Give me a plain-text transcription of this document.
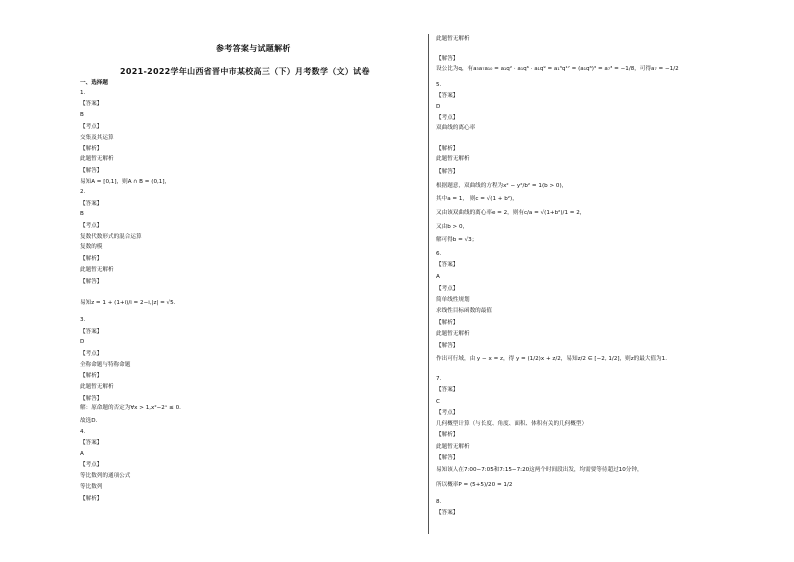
参考答案与试题解析
2021-2022学年山西省晋中市某校高三（下）月考数学（文）试卷
一、选择题
1.
【答案】
B
【考点】
交集及其运算
【解析】
此题暂无解析
【解答】
易知A = [0,1]，则A ∩ B = (0,1]，
2.
【答案】
B
【考点】
复数代数形式的混合运算
复数的模
【解析】
此题暂无解析
【解答】
易知z = 1 + (1+i)/i = 2−i,|z| = √5.
3.
【答案】
D
【考点】
全称命题与特称命题
【解析】
此题暂无解析
【解答】
解：原命题的否定为∀x > 1,x²−2ˣ ≤ 0.
故选D.
4.
【答案】
A
【考点】
等比数列的通项公式
等比数列
【解析】
此题暂无解析
【解答】
设公比为q，有a₃a₇a₁₀ = a₁q² · a₁q⁶ · a₁q⁹ = a₁³q¹⁷ = (a₁q⁶)³ = a₇³ = −1/8，可得a₇ = −1/2
5.
【答案】
D
【考点】
双曲线的离心率
【解析】
此题暂无解析
【解答】
根据题意，双曲线的方程为x² − y²/b² = 1(b > 0)，
其中a = 1， 则c = √(1 + b²)，
又由该双曲线的离心率e = 2，则有c/a = √(1+b²)/1 = 2，
又由b > 0，
解可得b = √3；
6.
【答案】
A
【考点】
简单线性规划
求线性目标函数的最值
【解析】
此题暂无解析
【解答】
作出可行域，由 y − x = z，得 y = (1/2)x + z/2，易知z/2 ∈ [−2, 1/2]，则z的最大值为1.
7.
【答案】
C
【考点】
几何概型计算（与长度、角度、面积、体积有关的几何概型）
【解析】
此题暂无解析
【解答】
易知该人在7:00−7:05和7:15−7:20这两个时间段出发，均需要等待超过10分钟，
所以概率P = (5+5)/20 = 1/2
8.
【答案】
